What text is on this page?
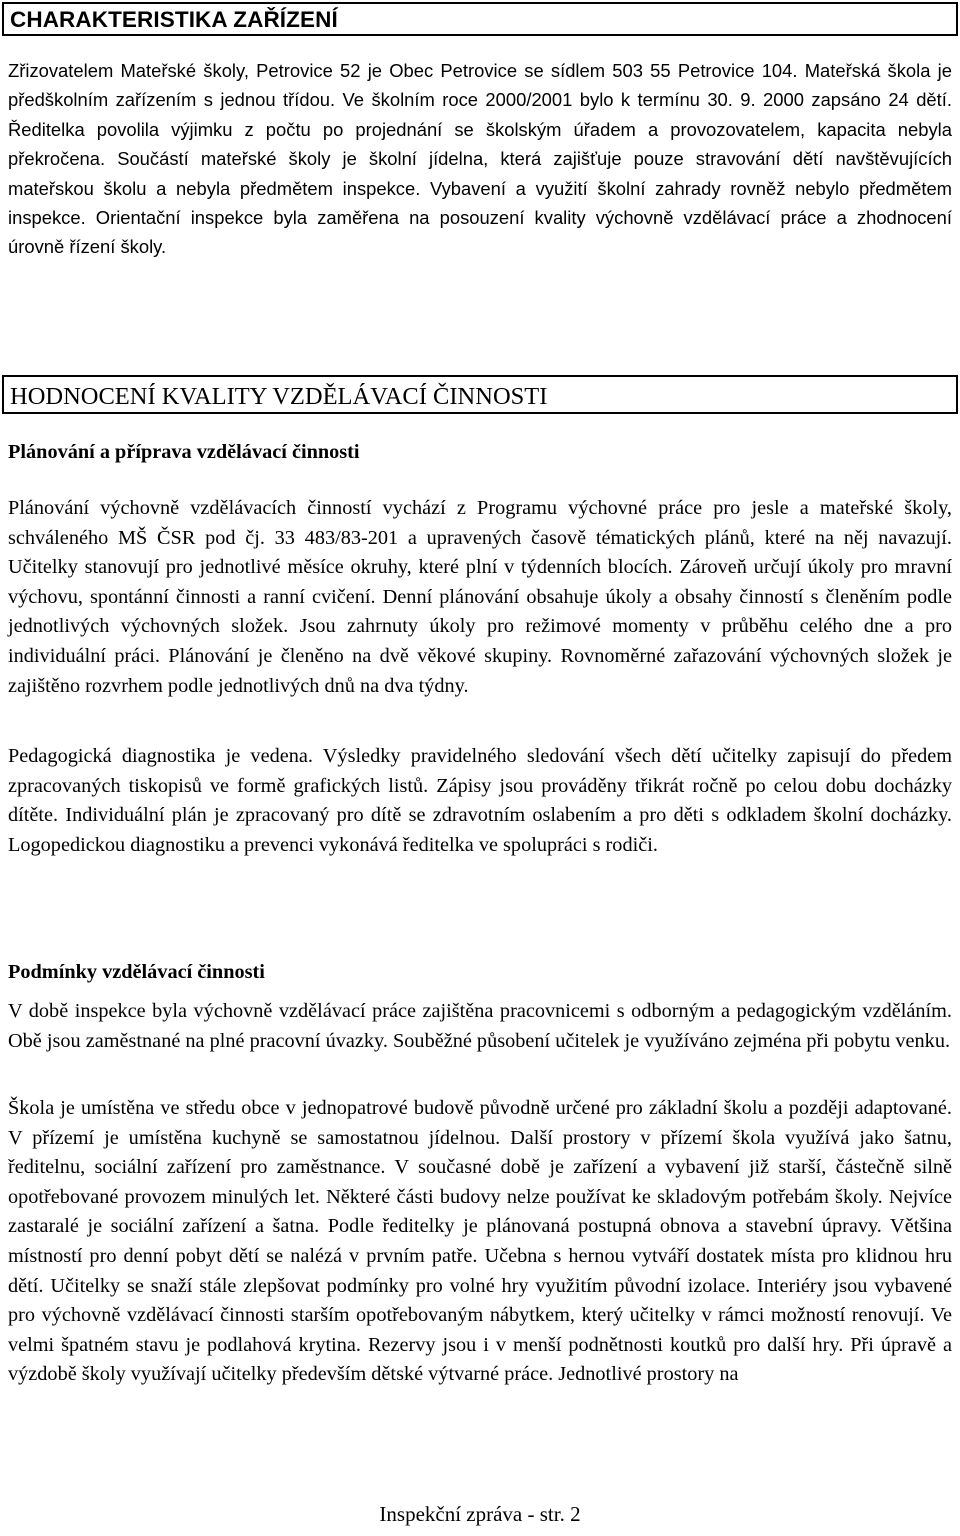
CHARAKTERISTIKA ZAŘÍZENÍ

Zřizovatelem Mateřské školy, Petrovice 52 je Obec Petrovice se sídlem 503 55 Petrovice 104. Mateřská škola je předškolním zařízením s jednou třídou. Ve školním roce 2000/2001 bylo k termínu 30. 9. 2000 zapsáno 24 dětí. Ředitelka povolila výjimku z počtu po projednání se školským úřadem a provozovatelem, kapacita nebyla překročena. Součástí mateřské školy je školní jídelna, která zajišťuje pouze stravování dětí navštěvujících mateřskou školu a nebyla předmětem inspekce. Vybavení a využití školní zahrady rovněž nebylo předmětem inspekce. Orientační inspekce byla zaměřena na posouzení kvality výchovně vzdělávací práce a zhodnocení úrovně řízení školy.

HODNOCENÍ KVALITY VZDĚLÁVACÍ ČINNOSTI
Plánování a příprava vzdělávací činnosti

Plánování výchovně vzdělávacích činností vychází z Programu výchovné práce pro jesle a mateřské školy, schváleného MŠ ČSR pod čj. 33 483/83-201 a upravených časově tématických plánů, které na něj navazují. Učitelky stanovují pro jednotlivé měsíce okruhy, které plní v týdenních blocích. Zároveň určují úkoly pro mravní výchovu, spontánní činnosti a ranní cvičení. Denní plánování obsahuje úkoly a obsahy činností s členěním podle jednotlivých výchovných složek. Jsou zahrnuty úkoly pro režimové momenty v průběhu celého dne a pro individuální práci. Plánování je členěno na dvě věkové skupiny. Rovnoměrné zařazování výchovných složek je zajištěno rozvrhem podle jednotlivých dnů na dva týdny.

Pedagogická diagnostika je vedena. Výsledky pravidelného sledování všech dětí učitelky zapisují do předem zpracovaných tiskopisů ve formě grafických listů. Zápisy jsou prováděny třikrát ročně po celou dobu docházky dítěte. Individuální plán je zpracovaný pro dítě se zdravotním oslabením a pro děti s odkladem školní docházky. Logopedickou diagnostiku a prevenci vykonává ředitelka ve spolupráci s rodiči.

Podmínky vzdělávací činnosti

V době inspekce byla výchovně vzdělávací práce zajištěna pracovnicemi s odborným a pedagogickým vzděláním. Obě jsou zaměstnané na plné pracovní úvazky. Souběžné působení učitelek je využíváno zejména při pobytu venku.

Škola je umístěna ve středu obce v jednopatrové budově původně určené pro základní školu a později adaptované. V přízemí je umístěna kuchyně se samostatnou jídelnou. Další prostory v přízemí škola využívá jako šatnu, ředitelnu, sociální zařízení pro zaměstnance. V současné době je zařízení a vybavení již starší, částečně silně opotřebované provozem minulých let. Některé části budovy nelze používat ke skladovým potřebám školy. Nejvíce zastaralé je sociální zařízení a šatna. Podle ředitelky je plánovaná postupná obnova a stavební úpravy. Většina místností pro denní pobyt dětí se nalézá v prvním patře. Učebna s hernou vytváří dostatek místa pro klidnou hru dětí. Učitelky se snaží stále zlepšovat podmínky pro volné hry využitím původní izolace. Interiéry jsou vybavené pro výchovně vzdělávací činnosti starším opotřebovaným nábytkem, který učitelky v rámci možností renovují. Ve velmi špatném stavu je podlahová krytina. Rezervy jsou i v menší podnětnosti koutků pro další hry. Při úpravě a výzdobě školy využívají učitelky především dětské výtvarné práce. Jednotlivé prostory na

Inspekční zpráva - str. 2
